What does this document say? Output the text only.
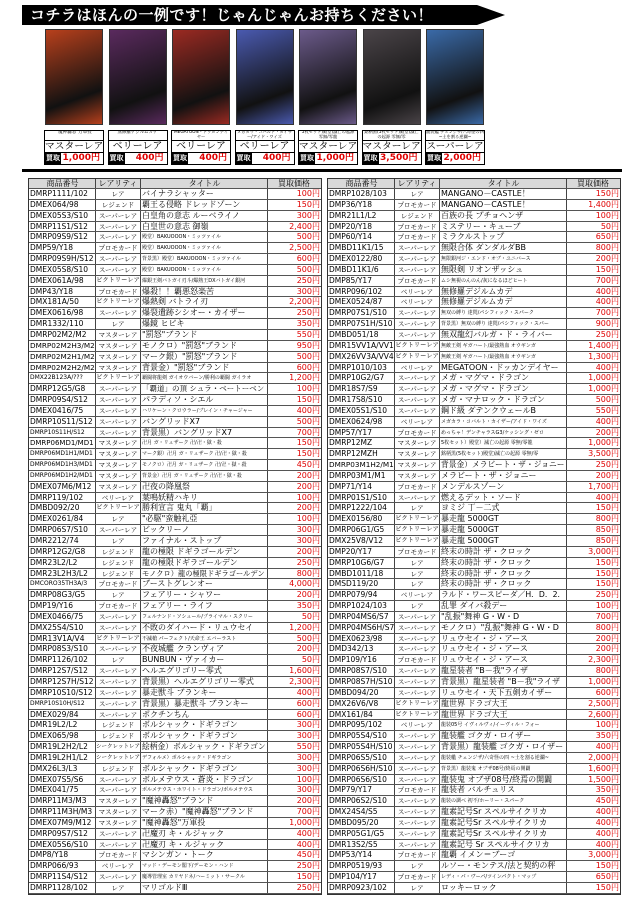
コチラはほんの一例です！じゃんじゃんお持ちください！
"魔神轟怒"万軍投
マスターレア
買取 1,000円
無修羅デジルムカデ
ベリーレア
買取	400円
MEGATOON・ドッカンデイヤー
ベリーレア
買取	400円
メガカラ・コバルト・カイザー/アイド・ワイズ
ベリーレア
買取	400円
5枚セット)殿堂)滅亡の起源 零無/零龍
マスターレア
買取 1,000円
銘柄黒(5枚セット)殿堂)滅亡の起源 零無/零
マスターレア
買取 3,500円
龍装艦 チェンジザ/六奇怪の四 ~土を割る逆瀾~
スーパーレア
買取 2,000円
商品番号	レアリティ	タイトル	買取価格
DMRP1111/102	レア	バイナラシャッター	100円
DMEX064/98	レジェンド 覇王る侵略 ドレッドゾーン	150円
DMEX05S3/S10	スーパーレア 白皇角の意志 ルーベライノ	300円
DMRP11S1/S12	スーパーレア 白皇世の意志 御嶺	2,400円
DMRP09S9/S12	スーパーレア 殿堂）BAKUOOON・ミッツァイル	500円
DMP59/Y18	プロモカード 殿堂）BAKUOOON・ミッツァイル	2,500円
DMRP09S9H/S12 スーパーレア 背景黒）殿堂）BAKUOOON・ミッツァイル	600円
DMEX05S8/S10	スーパーレア 殿堂）BAKUOOON・ミッツァイル	500円
DMEX061A/98	ビクトリーレア 爆銀王剣バトガイ刃斗/爆熱王DXバトガイ銀河	250円
DMP43/Y18	プロモカード 爆殺！！覇悪怒楽苦	300円
DMX181A/50	ビクトリーレア 爆熱剣 バトライ刃	2,200円
DMEX0616/98	スーパーレア 爆裂遺跡シシオー・カイザー	250円
DMR1332/110	レア	爆鏡 ヒビキ	350円
DMRP02M2/M2	マスターレア "罰怒"ブランド	550円
DMRP02M2H3/M2 マスターレア モノクロ）"罰怒"ブランド	950円
DMRP02M2H1/M2 マスターレア マーク銀）"罰怒"ブランド	500円
DMRP02M2H2/M2 マスターレア 背景金）"罰怒"ブランド	600円
DMX22B123A/???	ビクトリーレア 覇闘将龍剣 ガイオウバーン/勝利の覇闘 ガイラオ	1,200円
DMRP12G5/G8	スーパーレア 「覇道」の頂 シュラ・ベートーベン	100円
DMRP09S4/S12	スーパーレア パラディソ・シエル	150円
DMEX0416/75	スーパーレア ハリケーン・クロウラー/ブレイン・チャージャー	400円
DMRP10S11/S12 スーパーレア バングリッドX7	500円
DMRP10S11H/S12	スーパーレア 背景黒）バングリッドX7	700円
DMRP06MD1/MD1 マスターレア 卍月 ガ・リュザーク 卍/卍・獄・殺	150円
DMRP06MD1H1/MD1 マスターレア マーク銀）卍月 ガ・リュザーク 卍/卍・獄・殺	150円
DMRP06MD1H3/MD1 マスターレア モノクロ）卍月 ガ・リュザーク 卍/卍・獄・殺	450円
DMRP06MD1H2/MD1 マスターレア 背景金）卍月 ガ・リュザーク 卍/卍・獄・殺	200円
DMEX07M6/M12	マスターレア 卍夜の降凰祭	200円
DMRP119/102	ベリーレア 葉鳴妖精ハキリ	100円
DMBD092/20	ビクトリーレア 勝利宣言 鬼丸「覇」	200円
DMEX0261/84	レア	"必駆"蛮触礼亞	100円
DMRP06S7/S10	スーパーレア ビックリーノ	300円
DMR2212/74	レア	ファイナル・ストップ	300円
DMRP12G2/G8	レジェンド 龍の極限 ドギラゴールデン	200円
DMR23L2/L2	レジェンド 龍の極限ドギラゴールデン	250円
DMR23L2H3/L2	レジェンド	モノクロ）龍の極限ドギラゴールデン	800円
DMCORO35TH3A/3	プロモカード ブーストグレンオー	4,000円
DMRP08G3/G5	レア	フェアリー・シャワー	200円
DMP19/Y16	プロモカード フェアリー・ライフ	350円
DMEX0466/75	スーパーレア フェルナンド・ソシュール/プライマル・スクリー	50円
DMX25S4/S10	スーパーレア 不敗のダイハード・リュウセイ	1,200円
DMR13V1A/V4	ビクトリーレア 不滅槍 パーフェクト/天命王 エバーラスト	500円
DMRP08S3/S10	スーパーレア 不夜城艦 クランヴィア	200円
DMRP1126/102	レア	BUNBUN・ヴァイカー	50円
DMRP12S7/S12	スーパーレア ヘルエグリゴリー零式	1,600円
DMRP12S7H/S12 スーパーレア 背景黒）ヘルエグリゴリー零式	2,300円
DMRP10S10/S12 スーパーレア 暴走獣斗 ブランキー	400円
DMRP10S10H/S12	スーパーレア 背景黒）暴走獣斗 ブランキー	600円
DMEX029/84	スーパーレア ポクチンちん	600円
DMR19L2/L2	レジェンド ボルシャック・ドギラゴン	300円
DMEX065/98	レジェンド ボルシャック・ドギラゴン	300円
DMR19L2H2/L2	シークレットレア 絵柄金）ボルシャック・ドギラゴン	550円
DMR19L2H1/L2	シークレットレア デフォルメ）ボルシャック・ドギラゴン	300円
DMX26L3/L3	レジェンド ボルシャック・ドギラゴン	300円
DMEX07S5/S6	スーパーレア ボルメテウス・蒼炎・ドラゴン	100円
DMEX041/75	スーパーレア ボルメテウス・ホワイト・ドラゴン/ボルメテウス	300円
DMRP11M3/M3	マスターレア "魔神轟怒"ブランド	200円
DMRP11M3H/M3 マスターレア マーク赤）"魔神轟怒"ブランド	700円
DMEX07M9/M12	マスターレア "魔神轟怒"万軍投	1,000円
DMRP09S7/S12	スーパーレア 卍魔刃 キ・ルジャック	400円
DMEX05S6/S10	スーパーレア 卍魔刃 キ・ルジャック	400円
DMP8/Y18	プロモカード マシンガン・トーク	450円
DMRP066/93	ベリーレア	マッド・デーモン閣下/デーモン・ハンド	250円
DMRP11S4/S12	スーパーレア 魔導管理室 カリヤドネ/ハーミット・サークル	150円
DMRP1128/102	レア	マリゴルドⅢ	250円
商品番号	レアリティ	タイトル	買取価格
DMRP1028/103	レア	MANGANO－CASTLE！	150円
DMP36/Y18	プロモカード MANGANO－CASTLE！	1,400円
DMR21L1/L2	レジェンド 百族の長 プチョヘンザ	100円
DMP20/Y18	プロモカード ミステリー・キューブ	50円
DMP60/Y14	プロモカード ミラクルストップ	650円
DMBD11K1/15	スーパーレア 無限合体 ダンダルダBB	800円
DMEX0122/80	スーパーレア 無限銀河ジ・エンド・オブ・ユニバース	200円
DMBD11K1/6	スーパーレア 無限剣 リオンザッシュ	150円
DMP85/Y17	プロモカード ムシ無視のんのん/灰になるほどヒート	700円
DMRP096/102	ベリーレア 無修羅デジルムカデ	400円
DMEX0524/87	ベリーレア 無修羅デジルムカデ	400円
DMRP07S1/S10	スーパーレア 無双の縛り 達閃/パシフィック・スパーク	700円
DMRP07S1H/S10 スーパーレア 背景黒）無双の縛り 達閃/パシフィック・スパー	900円
DMBD051/18	スーパーレア 無双龍幻バルガ・ド・ライバー	250円
DMR15VV1A/VV1 ビクトリーレア 無敵王剣 ギガハート/最強熱血 オウギンガ	1,400円
DMX26VV3A/VV4 ビクトリーレア 無敵王剣 ギガハート/最強熱血 オウギンガ	1,300円
DMRP1010/103	ベリーレア MEGATOON・ドッカンデイヤー	400円
DMRP10G2/G7	スーパーレア メガ・マグマ・ドラゴン	1,000円
DMR18S7/S9	スーパーレア メガ・マグマ・ドラゴン	1,000円
DMR17S8/S10	スーパーレア メガ・マナロック・ドラゴン	500円
DMEX05S1/S10	スーパーレア 鋼ド級 ダテンクウェールB	550円
DMEX0624/98	ベリーレア	メガカラ・コバルト・カイザー/アイド・ワイズ	400円
DMP57/Y17	プロモカード めっちゃ！デンチャラスG3/ケッシング・ゼロ	200円
DMRP12MZ	マスターレア 5枚セット）殿堂）滅亡の起源 零無/零龍	1,000円
DMRP12MZH	マスターレア 銘柄黒(5枚セット)殿堂)滅亡の起源 零無/零	3,500円
DMRP03M1H2/M1 マスターレア 背景金）メラビート・ザ・ジョニー	250円
DMRP03M1/M1	マスターレア メラビート・ザ・ジョニー	200円
DMP71/Y14	プロモカード メンデルスゾーン	1,700円
DMRP01S1/S10	スーパーレア 燃えるデット・ソード	400円
DMRP1222/104	レア	ヨミジ 丁－二式	150円
DMEX0156/80	ビクトリーレア 暴走龍 5000GT	800円
DMRP06G1/G5	ビクトリーレア 暴走龍 5000GT	850円
DMX25V8/V12	ビクトリーレア 暴走龍 5000GT	850円
DMP20/Y17	プロモカード 終末の時計 ザ・クロック	3,000円
DMRP10G6/G7	レア	終末の時計 ザ・クロック	150円
DMBD1011/18	レア	終末の時計 ザ・クロック	150円
DMSD119/20	レア	終末の時計 ザ・クロック	150円
DMRP079/94	ベリーレア	ラルド・ワースピーダ／H．D．2．	250円
DMRP1024/103	レア	乱罪 ダイバ殺デー	100円
DMRP04MS6/S7	スーパーレア "乱振"舞神 G・W・D	700円
DMRP04MS6H/S7 スーパーレア モノクロ）"乱振"舞神 G・W・D	800円
DMEX0623/98	スーパーレア リュウセイ・ジ・アース	200円
DMD342/13	スーパーレア リュウセイ・ジ・アース	200円
DMP109/Y16	プロモカード リュウセイ・ジ・アース	2,300円
DMRP08S7/S10	スーパーレア 龍星装者 "B－我"ライザ	800円
DMRP08S7H/S10 スーパーレア 背景黒）龍星装者 "B－我"ライザ	1,000円
DMBD094/20	スーパーレア リュウセイ・天下五剣カイザー	600円
DMX26V6/V8	ビクトリーレア 龍世界 ドラゴ大王	2,500円
DMX161/84	ビクトリーレア 龍世界 ドラゴ大王	2,600円
DMRP095/102	ベリーレア	龍装05号 イヴィルヴィ/イーヴィル・フォー	100円
DMRP05S4/S10	スーパーレア 龍装艦 ゴクガ・ロイザー	350円
DMRP05S4H/S10 スーパーレア 背景黒）龍装艦 ゴクガ・ロイザー	400円
DMRP06S5/S10	スーパーレア 龍装艦 チェンジザ/六奇怪の四 ~土を割る逆瀾~	2,000円
DMRP06S6H/S10 スーパーレア 背景黒）龍装鬼 オブザ08号/終焉の開闢	1,600円
DMRP06S6/S10	スーパーレア 龍装鬼 オブザ08号/終焉の開闢	1,500円
DMP79/Y17	プロモカード 龍装者 バルチュリス	350円
DMRP06S2/S10	スーパーレア 龍装の調べ 初不/ホーリー・スパーク	450円
DMX24S4/S5	スーパーレア 龍素記号Sr スペルサイクリカ	400円
DMBD095/20	スーパーレア 龍素記号Sr スペルサイクリカ	400円
DMRP05G1/G5	スーパーレア 龍素記号Sr スペルサイクリカ	400円
DMR13S2/S5	スーパーレア 龍素記号 Sr スペルサイクリカ	400円
DMP53/Y14	プロモカード 龍覇 イメン＝ブーゴ	3,000円
DMRP0519/93	レア	ルソー・モンテス/法と契約の秤	150円
DMP104/Y17	プロモカード レディ・パ・ヴーパ/ツインパクト・マップ	650円
DMRP0923/102	レア	ロッキーロック	150円
